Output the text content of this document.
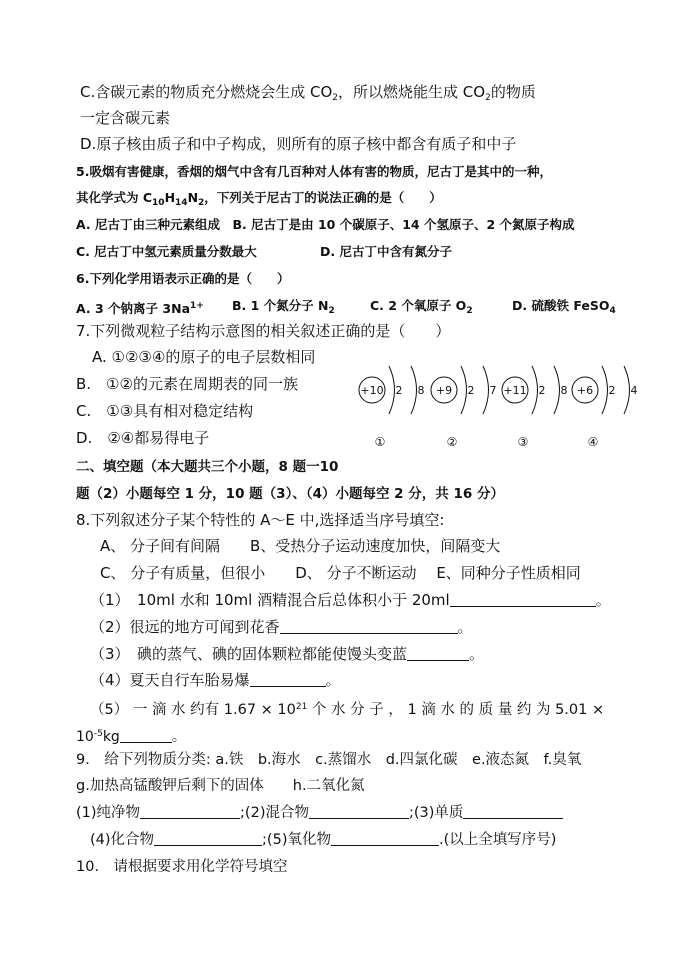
C.含碳元素的物质充分燃烧会生成 $CO_2$，所以燃烧能生成 $CO_2$的物质
一定含碳元素
D.原子核由质子和中子构成，则所有的原子核中都含有质子和中子
5.吸烟有害健康，香烟的烟气中含有几百种对人体有害的物质，尼古丁是其中的一种，
其化学式为 $C_{10}H_{14}N_2$，下列关于尼古丁的说法正确的是（　　）
A. 尼古丁由三种元素组成　B. 尼古丁是由 10 个碳原子、14 个氢原子、2 个氮原子构成
C. 尼古丁中氢元素质量分数最大	D. 尼古丁中含有氮分子
6.下列化学用语表示正确的是（　　）
A. 3 个钠离子 $3Na^{1+}$ B. 1 个氮分子 $N_2$	C. 2 个氧原子 $O_2$	D. 硫酸铁 FeSO$_4$
7.下列微观粒子结构示意图的相关叙述正确的是（　　）
A. ①②③④的原子的电子层数相同
B.　①②的元素在周期表的同一族
C.　①③具有相对稳定结构
D.　②④都易得电子
+10 2 8
①
+9 2 7
②
+11 2 8
③
+6 2 4
④
二、填空题（本大题共三个小题，8 题一10
题（2）小题每空 1 分，10 题（3）、（4）小题每空 2 分，共 16 分）
8.下列叙述分子某个特性的 A～E 中,选择适当序号填空:
A、 分子间有间隔　　B、受热分子运动速度加快，间隔变大
C、 分子有质量，但很小　　D、 分子不断运动　 E、同种分子性质相同
（1）　10ml 水和 10ml 酒精混合后总体积小于 20ml	。
（2）很远的地方可闻到花香	。
（3）　碘的蒸气、碘的固体颗粒都能使馒头变蓝	。
（4）夏天自行车胎易爆	。
（5） 一 滴 水 约有 $1.67 \times 10^{21}$ 个 水 分 子 ， 1 滴 水 的 质 量 约 为 5.01 ×
$10^{-5}kg$	。
9.　给下列物质分类: a.铁　b.海水　c.蒸馏水　d.四氯化碳　e.液态氮　f.臭氧
g.加热高锰酸钾后剩下的固体　　h.二氧化氮
(1)纯净物	;(2)混合物	;(3)单质
(4)化合物	;(5)氧化物	.(以上全填写序号)
10.　请根据要求用化学符号填空
